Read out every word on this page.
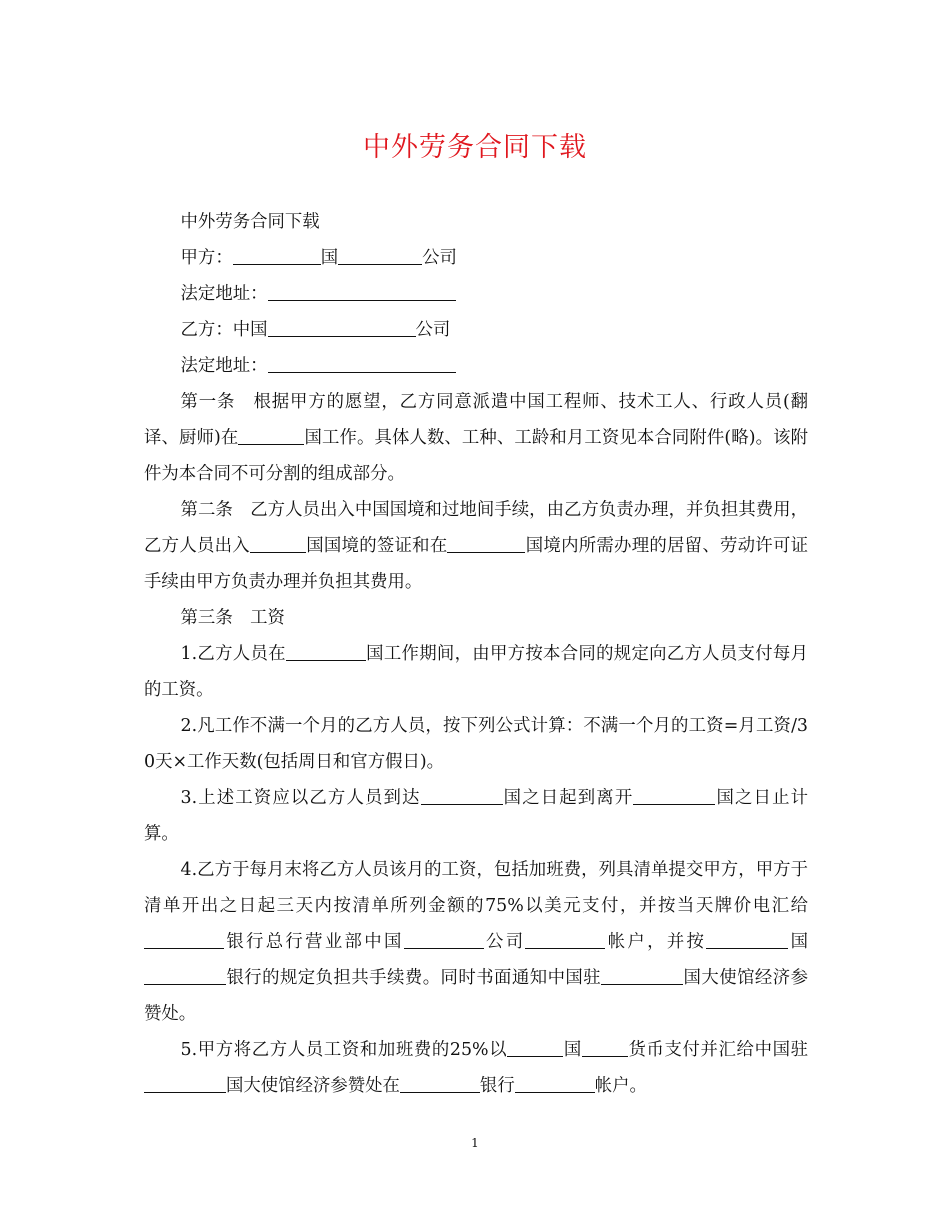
中外劳务合同下载

中外劳务合同下载

甲方：	国	公司

法定地址：

乙方：中国	公司

法定地址：

第一条　根据甲方的愿望，乙方同意派遣中国工程师、技术工人、行政人员(翻译、厨师)在	国工作。具体人数、工种、工龄和月工资见本合同附件(略)。该附件为本合同不可分割的组成部分。

第二条　乙方人员出入中国国境和过地间手续，由乙方负责办理，并负担其费用，乙方人员出入	国国境的签证和在	国境内所需办理的居留、劳动许可证手续由甲方负责办理并负担其费用。

第三条　工资

1.乙方人员在	国工作期间，由甲方按本合同的规定向乙方人员支付每月的工资。

2.凡工作不满一个月的乙方人员，按下列公式计算：不满一个月的工资=月工资/30天×工作天数(包括周日和官方假日)。

3.上述工资应以乙方人员到达	国之日起到离开	国之日止计算。

4.乙方于每月末将乙方人员该月的工资，包括加班费，列具清单提交甲方，甲方于清单开出之日起三天内按清单所列金额的75%以美元支付，并按当天牌价电汇给银行总行营业部中国	公司	帐户，并按	国银行的规定负担共手续费。同时书面通知中国驻	国大使馆经济参赞处。

5.甲方将乙方人员工资和加班费的25%以	国	货币支付并汇给中国驻国大使馆经济参赞处在	银行	帐户。

1
